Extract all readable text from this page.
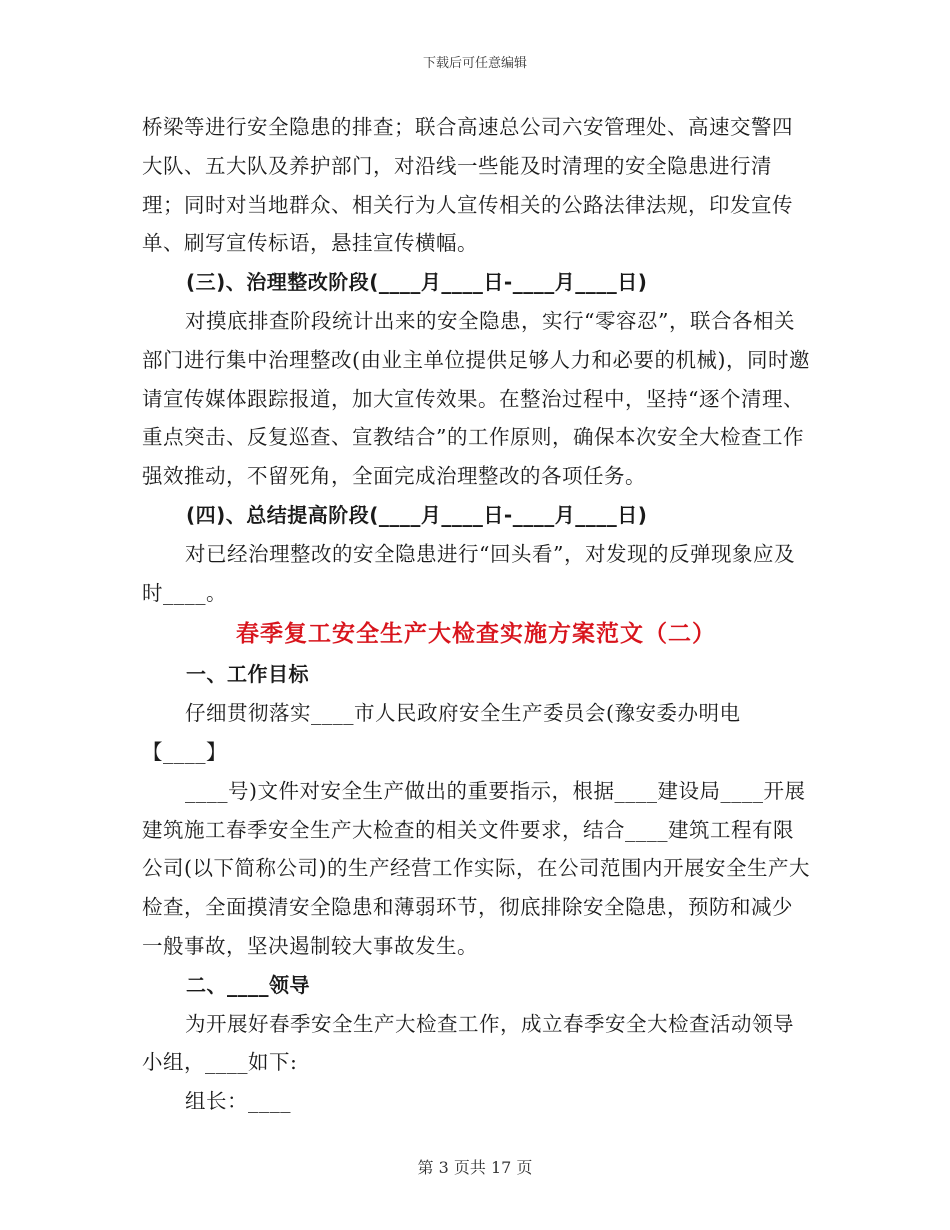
下载后可任意编辑

桥梁等进行安全隐患的排查；联合高速总公司六安管理处、高速交警四大队、五大队及养护部门，对沿线一些能及时清理的安全隐患进行清理；同时对当地群众、相关行为人宣传相关的公路法律法规，印发宣传单、刷写宣传标语，悬挂宣传横幅。

(三)、治理整改阶段(____月____日-____月____日)

对摸底排查阶段统计出来的安全隐患，实行“零容忍”，联合各相关部门进行集中治理整改(由业主单位提供足够人力和必要的机械)，同时邀请宣传媒体跟踪报道，加大宣传效果。在整治过程中，坚持“逐个清理、重点突击、反复巡查、宣教结合”的工作原则，确保本次安全大检查工作强效推动，不留死角，全面完成治理整改的各项任务。

(四)、总结提高阶段(____月____日-____月____日)

对已经治理整改的安全隐患进行“回头看”，对发现的反弹现象应及时____。

春季复工安全生产大检查实施方案范文（二）

一、工作目标

仔细贯彻落实____市人民政府安全生产委员会(豫安委办明电【____】

____号)文件对安全生产做出的重要指示，根据____建设局____开展建筑施工春季安全生产大检查的相关文件要求，结合____建筑工程有限公司(以下简称公司)的生产经营工作实际，在公司范围内开展安全生产大检查，全面摸清安全隐患和薄弱环节，彻底排除安全隐患，预防和减少一般事故，坚决遏制较大事故发生。

二、____领导

为开展好春季安全生产大检查工作，成立春季安全大检查活动领导小组，____如下:

组长：____

第 3 页共 17 页
